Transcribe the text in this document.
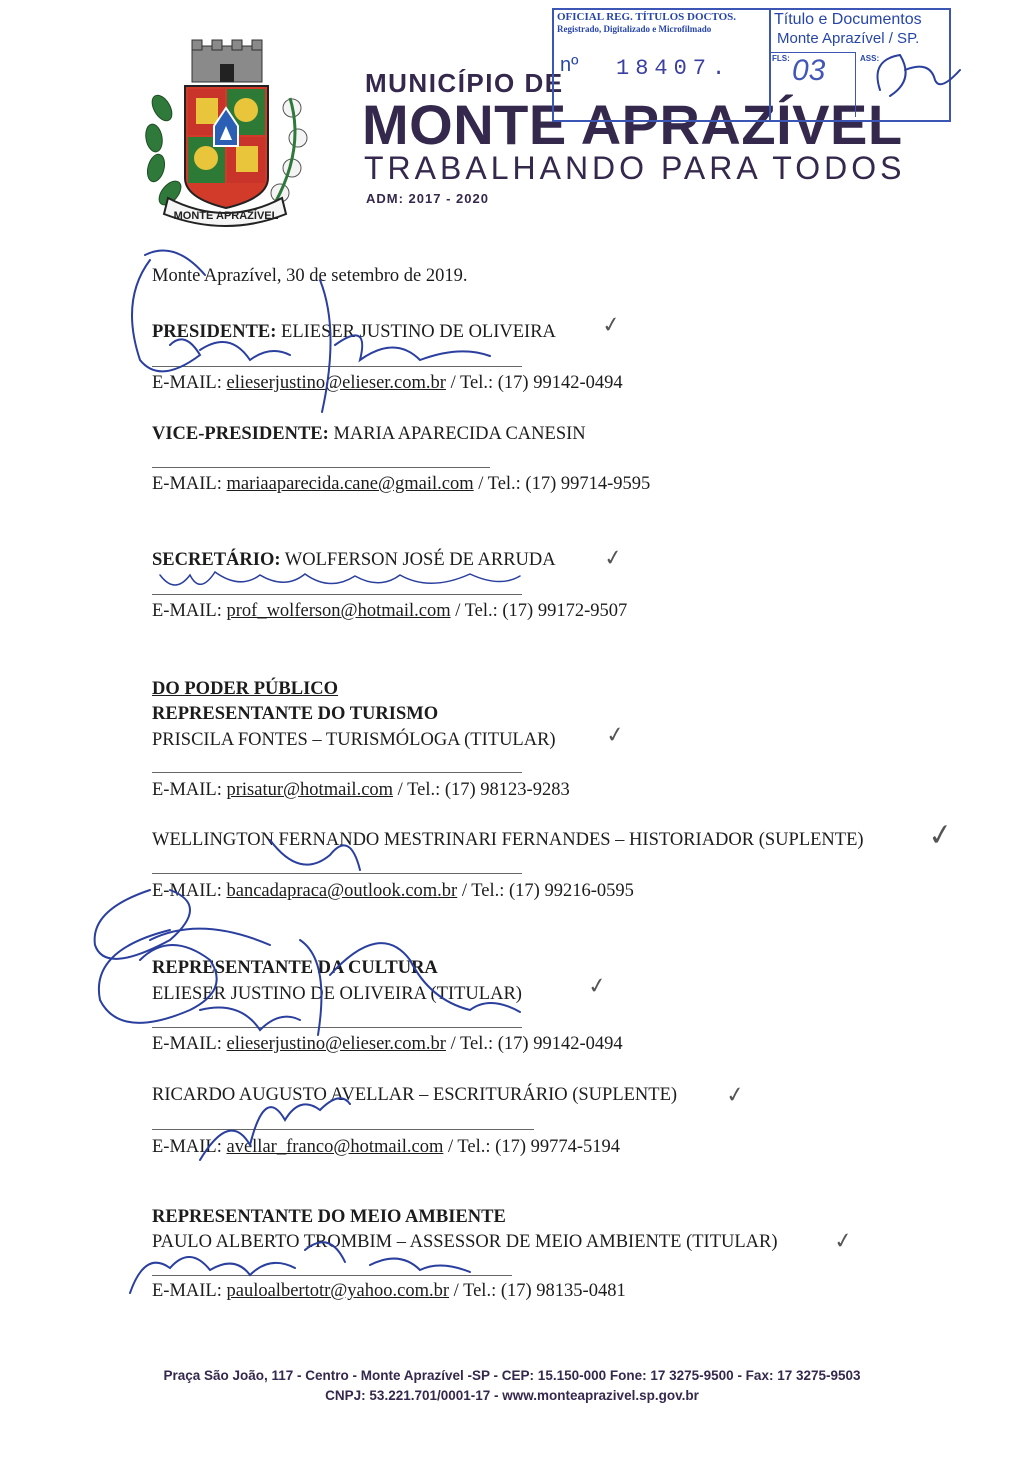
MONTE APRAZÍVEL
MUNICÍPIO DE
MONTE APRAZÍVEL
TRABALHANDO PARA TODOS
ADM: 2017 - 2020
OFICIAL REG. TÍTULOS DOCTOS.
Registrado, Digitalizado e Microfilmado
nº 18407.
Título e Documentos
Monte Aprazível / SP.
FLS: 03	ASS:
Monte Aprazível, 30 de setembro de 2019.
PRESIDENTE: ELIESER JUSTINO DE OLIVEIRA
E-MAIL: elieserjustino@elieser.com.br / Tel.: (17) 99142-0494
VICE-PRESIDENTE: MARIA APARECIDA CANESIN
E-MAIL: mariaaparecida.cane@gmail.com / Tel.: (17) 99714-9595
SECRETÁRIO: WOLFERSON JOSÉ DE ARRUDA
E-MAIL: prof_wolferson@hotmail.com / Tel.: (17) 99172-9507
DO PODER PÚBLICO
REPRESENTANTE DO TURISMO
PRISCILA FONTES – TURISMÓLOGA (TITULAR)
E-MAIL: prisatur@hotmail.com / Tel.: (17) 98123-9283
WELLINGTON FERNANDO MESTRINARI FERNANDES – HISTORIADOR (SUPLENTE)
E-MAIL: bancadapraca@outlook.com.br / Tel.: (17) 99216-0595
REPRESENTANTE DA CULTURA
ELIESER JUSTINO DE OLIVEIRA (TITULAR)
E-MAIL: elieserjustino@elieser.com.br / Tel.: (17) 99142-0494
RICARDO AUGUSTO AVELLAR – ESCRITURÁRIO (SUPLENTE)
E-MAIL: avellar_franco@hotmail.com / Tel.: (17) 99774-5194
REPRESENTANTE DO MEIO AMBIENTE
PAULO ALBERTO TROMBIM – ASSESSOR DE MEIO AMBIENTE (TITULAR)
E-MAIL: pauloalbertotr@yahoo.com.br / Tel.: (17) 98135-0481
✓
✓
✓
✓
✓
✓
✓
Praça São João, 117 - Centro - Monte Aprazível -SP - CEP: 15.150-000 Fone: 17 3275-9500 - Fax: 17 3275-9503
CNPJ: 53.221.701/0001-17 - www.monteaprazivel.sp.gov.br
